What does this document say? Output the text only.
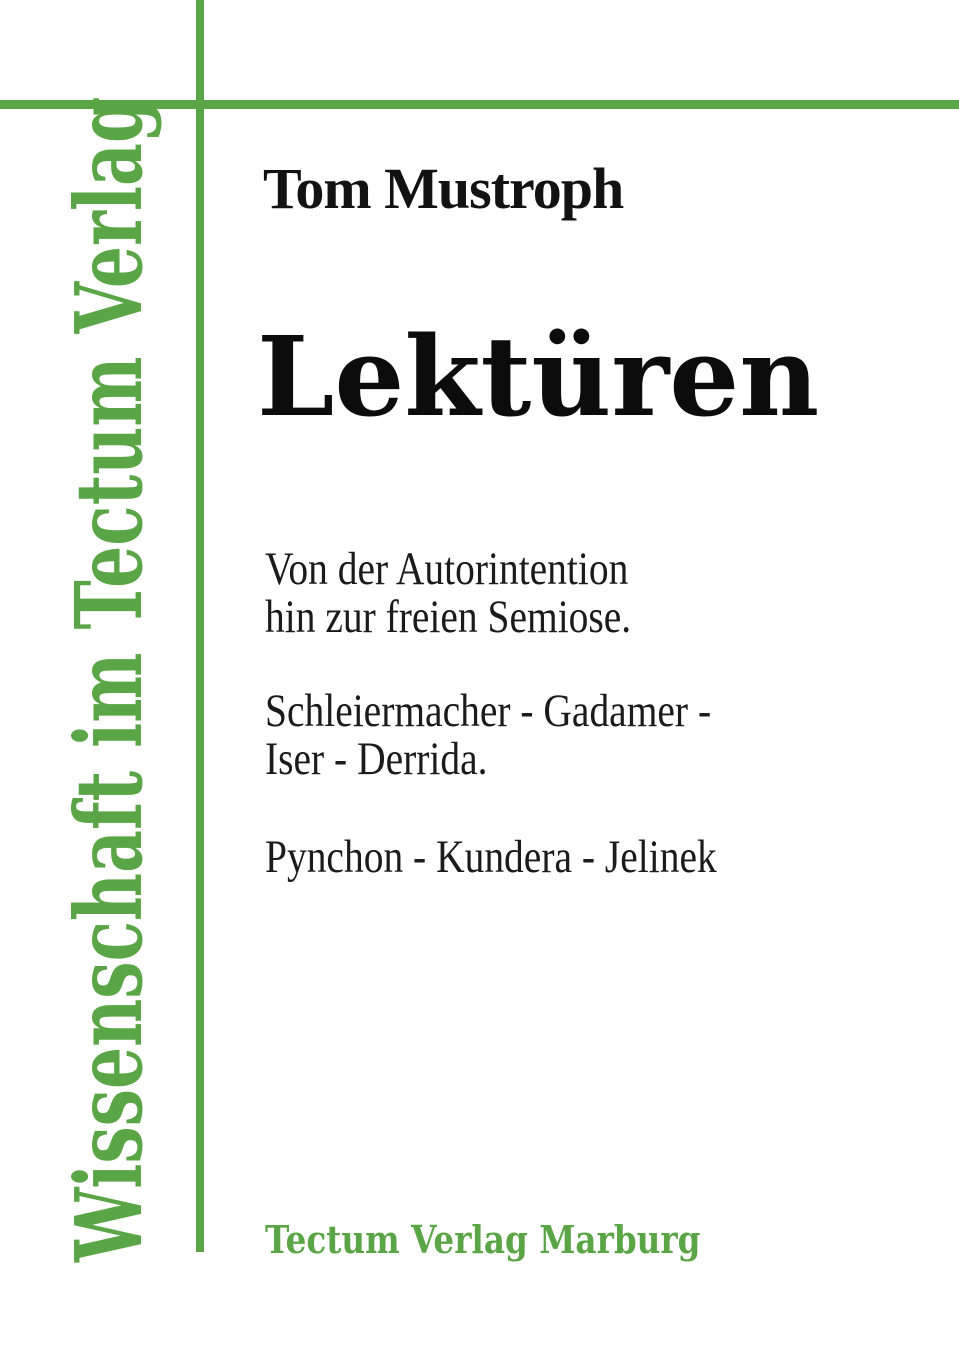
Wissenschaft im Tectum Verlag Tom Mustroph
Lektüren
Von der Autorintention
hin zur freien Semiose.
Schleiermacher - Gadamer -
Iser - Derrida.
Pynchon - Kundera - Jelinek
Tectum Verlag Marburg
